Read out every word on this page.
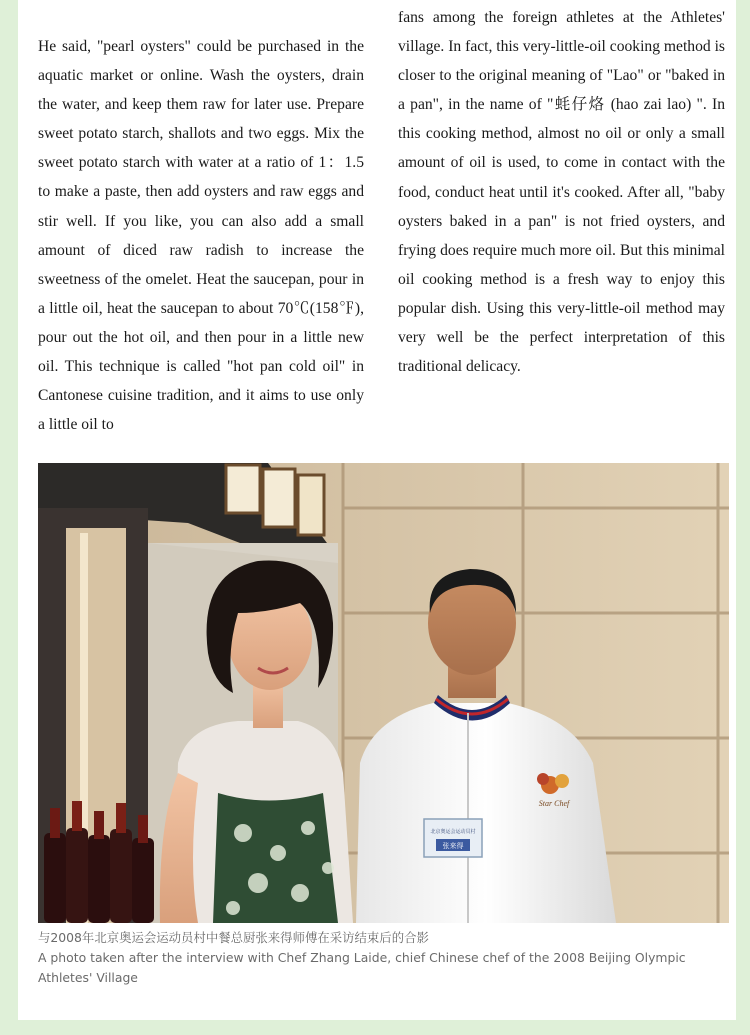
He said, "pearl oysters" could be purchased in the aquatic market or online. Wash the oysters, drain the water, and keep them raw for later use. Prepare sweet potato starch, shallots and two eggs. Mix the sweet potato starch with water at a ratio of 1：1.5 to make a paste, then add oysters and raw eggs and stir well. If you like, you can also add a small amount of diced raw radish to increase the sweetness of the omelet. Heat the saucepan, pour in a little oil, heat the saucepan to about 70℃(158℉), pour out the hot oil, and then pour in a little new oil. This technique is called "hot pan cold oil" in Cantonese cuisine tradition, and it aims to use only a little oil to
fans among the foreign athletes at the Athletes' village. In fact, this very-little-oil cooking method is closer to the original meaning of "Lao" or "baked in a pan", in the name of "蚝仔烙 (hao zai lao) ". In this cooking method, almost no oil or only a small amount of oil is used, to come in contact with the food, conduct heat until it's cooked. After all, "baby oysters baked in a pan" is not fried oysters, and frying does require much more oil. But this minimal oil cooking method is a fresh way to enjoy this popular dish. Using this very-little-oil method may very well be the perfect interpretation of this traditional delicacy.
北京奥运会运动员村
张来得
Star Chef
与2008年北京奥运会运动员村中餐总厨张来得师傅在采访结束后的合影
A photo taken after the interview with Chef Zhang Laide, chief Chinese chef of the 2008 Beijing Olympic Athletes' Village
